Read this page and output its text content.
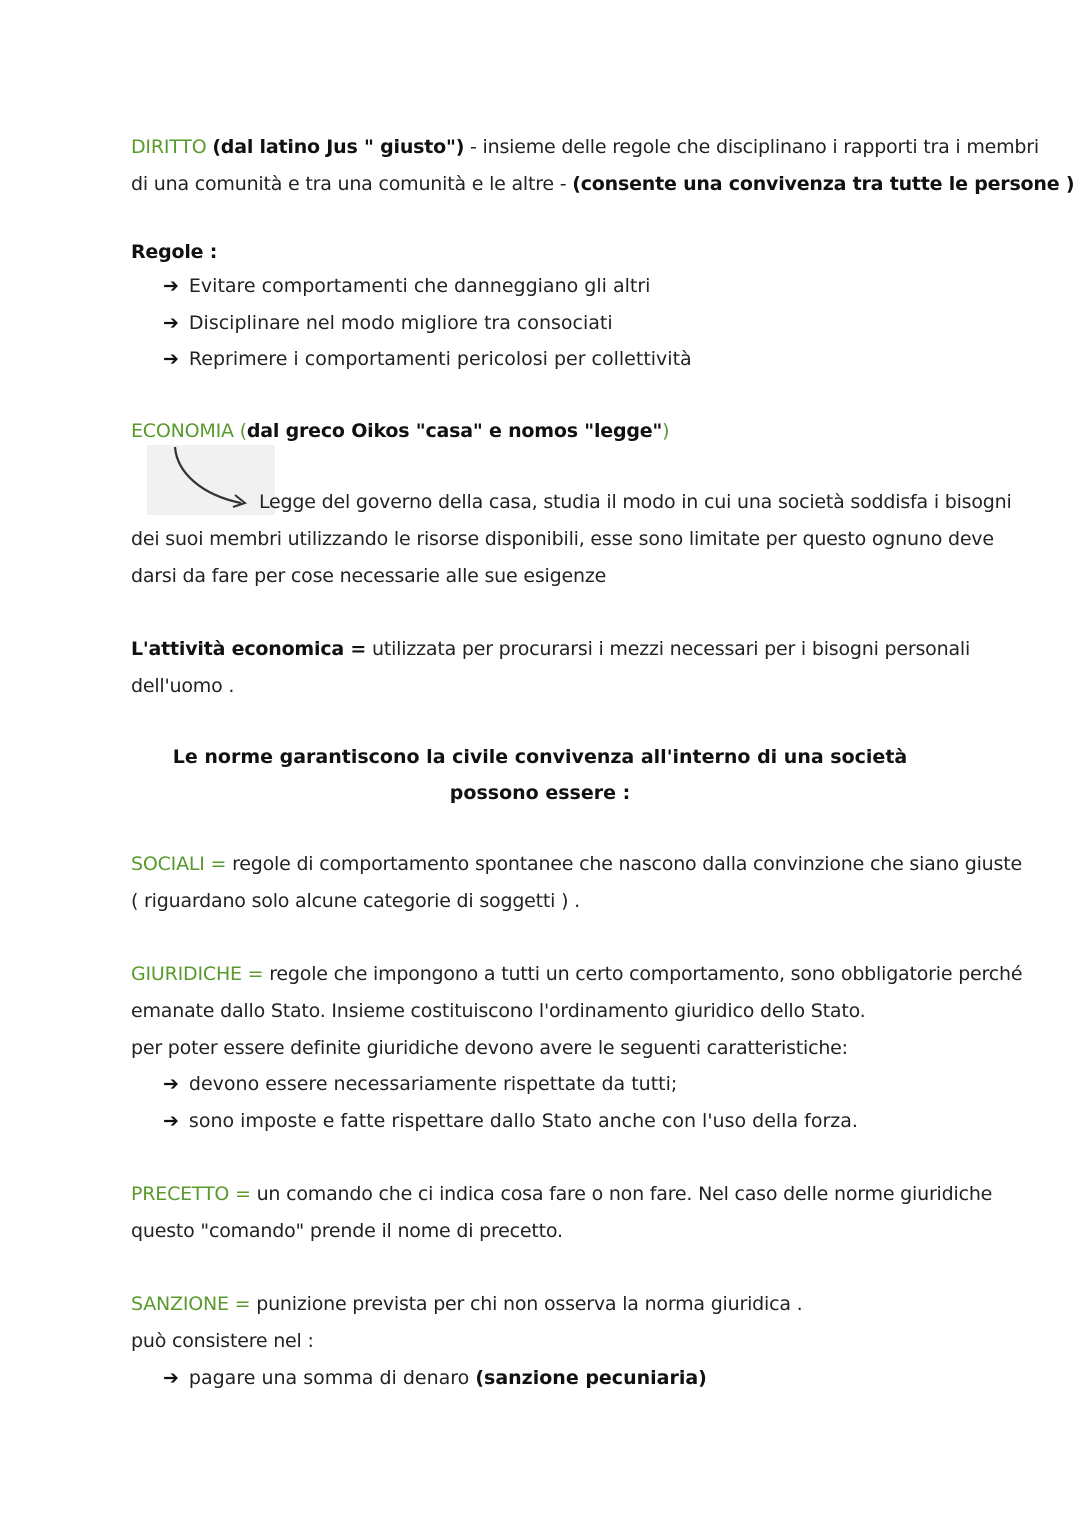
DIRITTO (dal latino Jus " giusto") - insieme delle regole che disciplinano i rapporti tra i membri

di una comunità e tra una comunità e le altre - (consente una convivenza tra tutte le persone )

Regole :

➔ Evitare comportamenti che danneggiano gli altri

➔ Disciplinare nel modo migliore tra consociati

➔ Reprimere i comportamenti pericolosi per collettività

ECONOMIA (dal greco Oikos "casa" e nomos "legge")

Legge del governo della casa, studia il modo in cui una società soddisfa i bisogni

dei suoi membri utilizzando le risorse disponibili, esse sono limitate per questo ognuno deve

darsi da fare per cose necessarie alle sue esigenze

L'attività economica = utilizzata per procurarsi i mezzi necessari per i bisogni personali

dell'uomo .

Le norme garantiscono la civile convivenza all'interno di una società

possono essere :

SOCIALI = regole di comportamento spontanee che nascono dalla convinzione che siano giuste

( riguardano solo alcune categorie di soggetti ) .

GIURIDICHE = regole che impongono a tutti un certo comportamento, sono obbligatorie perché

emanate dallo Stato. Insieme costituiscono l'ordinamento giuridico dello Stato.

per poter essere definite giuridiche devono avere le seguenti caratteristiche:

➔ devono essere necessariamente rispettate da tutti;

➔ sono imposte e fatte rispettare dallo Stato anche con l'uso della forza.

PRECETTO = un comando che ci indica cosa fare o non fare. Nel caso delle norme giuridiche

questo "comando" prende il nome di precetto.

SANZIONE = punizione prevista per chi non osserva la norma giuridica .

può consistere nel :

➔ pagare una somma di denaro (sanzione pecuniaria)
